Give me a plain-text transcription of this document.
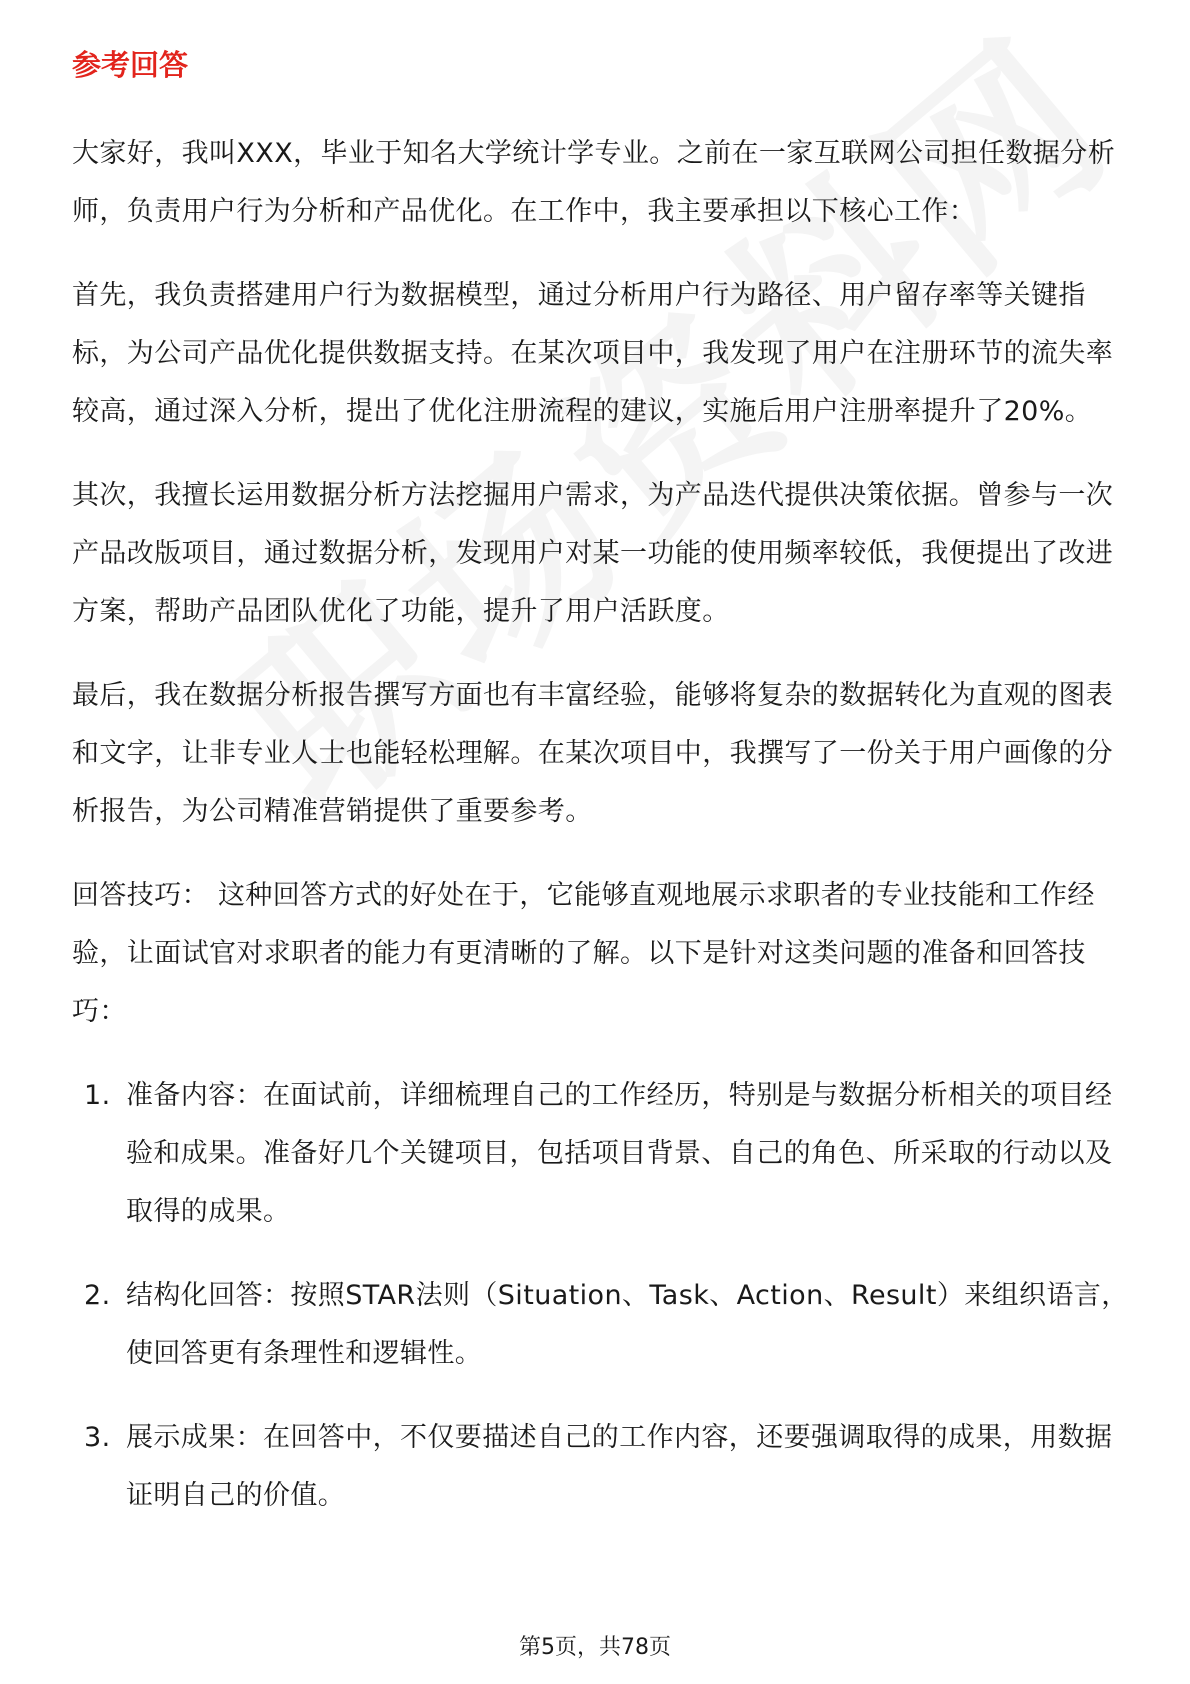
参考回答

大家好，我叫XXX，毕业于知名大学统计学专业。之前在一家互联网公司担任数据分析师，负责用户行为分析和产品优化。在工作中，我主要承担以下核心工作：

首先，我负责搭建用户行为数据模型，通过分析用户行为路径、用户留存率等关键指标，为公司产品优化提供数据支持。在某次项目中，我发现了用户在注册环节的流失率较高，通过深入分析，提出了优化注册流程的建议，实施后用户注册率提升了20%。

其次，我擅长运用数据分析方法挖掘用户需求，为产品迭代提供决策依据。曾参与一次产品改版项目，通过数据分析，发现用户对某一功能的使用频率较低，我便提出了改进方案，帮助产品团队优化了功能，提升了用户活跃度。

最后，我在数据分析报告撰写方面也有丰富经验，能够将复杂的数据转化为直观的图表和文字，让非专业人士也能轻松理解。在某次项目中，我撰写了一份关于用户画像的分析报告，为公司精准营销提供了重要参考。

回答技巧： 这种回答方式的好处在于，它能够直观地展示求职者的专业技能和工作经验，让面试官对求职者的能力有更清晰的了解。以下是针对这类问题的准备和回答技巧：

1. 准备内容：在面试前，详细梳理自己的工作经历，特别是与数据分析相关的项目经验和成果。准备好几个关键项目，包括项目背景、自己的角色、所采取的行动以及取得的成果。
2. 结构化回答：按照STAR法则（Situation、Task、Action、Result）来组织语言，使回答更有条理性和逻辑性。
3. 展示成果：在回答中，不仅要描述自己的工作内容，还要强调取得的成果，用数据证明自己的价值。
第5页，共78页
